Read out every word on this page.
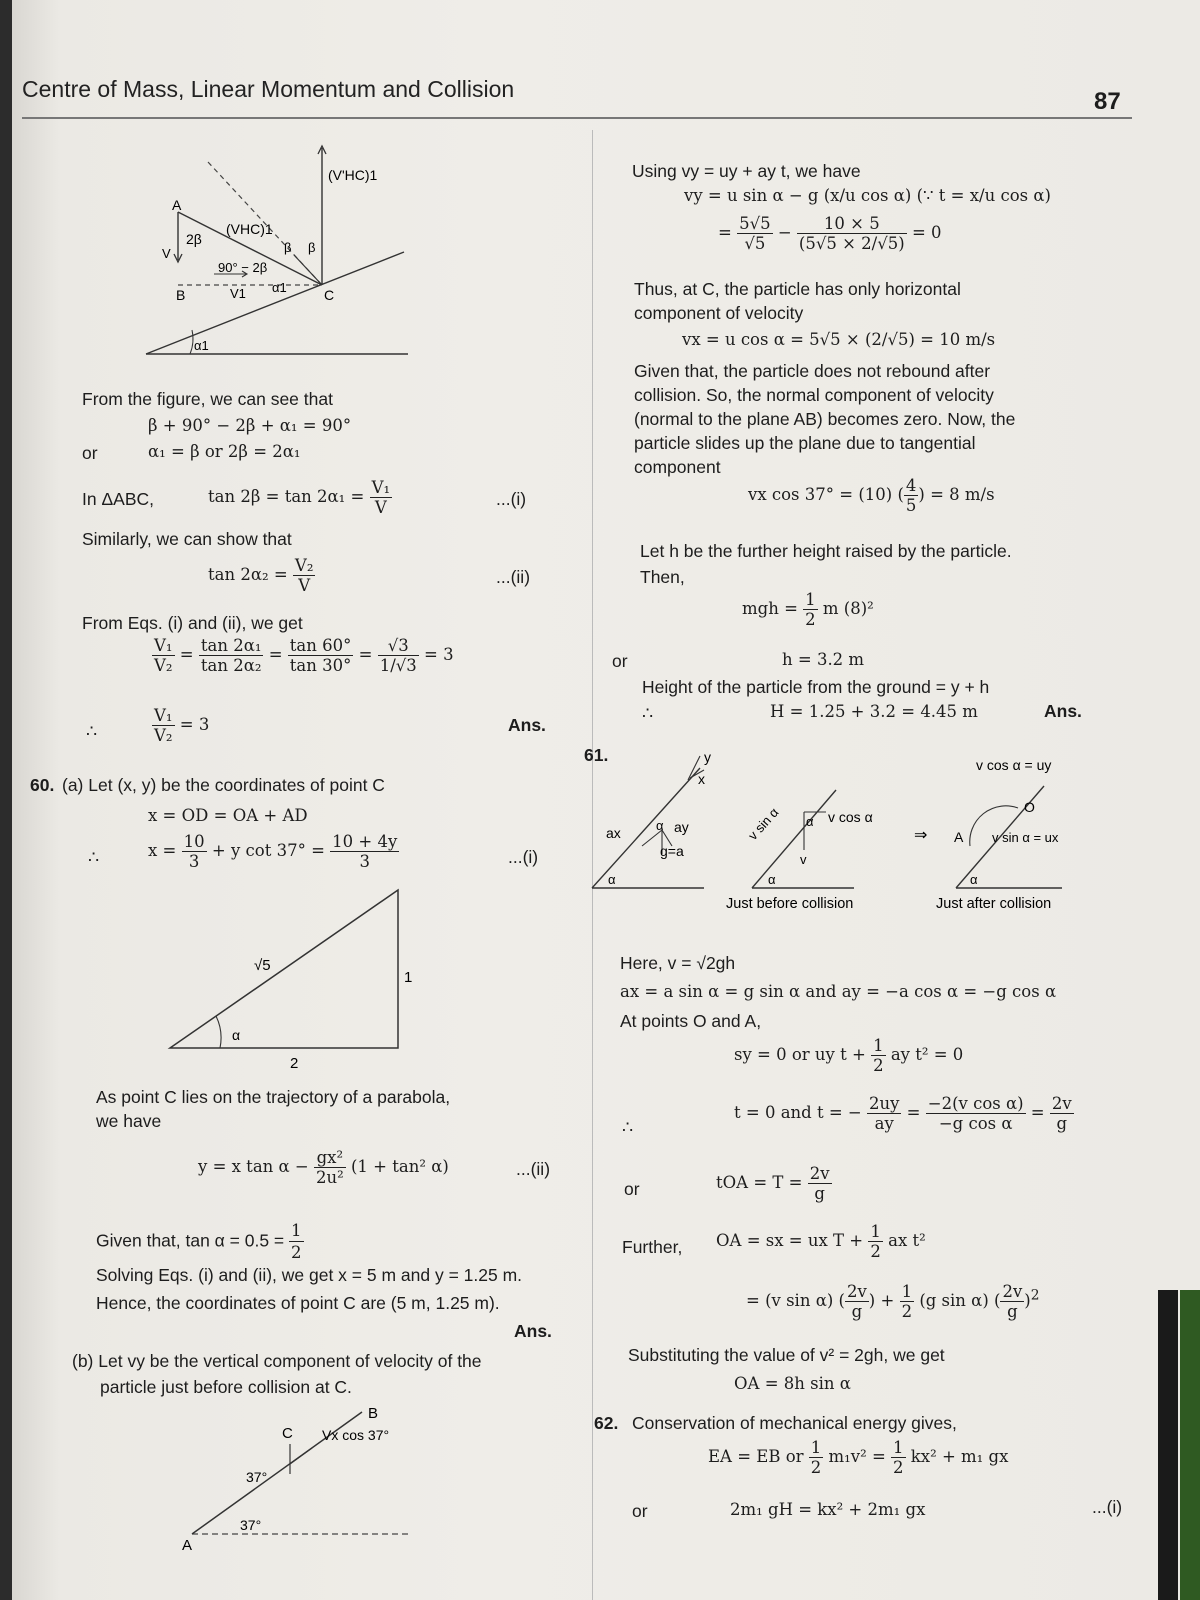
Centre of Mass, Linear Momentum and Collision	87
(V'HC)1
A
2β
V
(VHC)1
β β
90° − 2β
V1 α1
B	C
α1
From the figure, we can see that
β + 90° − 2β + α₁ = 90°
or	α₁ = β or 2β = 2α₁
In ΔABC,	$\tan 2\beta = \tan 2\alpha_1 = \frac{\text{V₁}}{V}$	...(i)
Similarly, we can show that
$\tan 2\alpha_2 = \frac{\text{V₂}}{V}$	...(ii)
From Eqs. (i) and (ii), we get
$\frac{\text{V₁}}{\text{V₂}} = \frac{\text{tan 2α₁}}{\text{tan 2α₂}} = \frac{\tan 60^\circ}{\tan 30^\circ} = \frac{√3}{1/√3} = 3$
∴	$\frac{\text{V₁}}{\text{V₂}} = 3$	Ans.
60. (a) Let (x, y) be the coordinates of point C
x = OD = OA + AD
∴	$x = \frac{10}{3} + y$ $\cot 37^\circ = \frac{10 + 4y}{3}$	...(i)
√5
1
2
α
As point C lies on the trajectory of a parabola,
we have
y = x $\tan \alpha - \frac{\text{gx²}}{\text{2u²}} (1 + \tan^2$ α)	...(ii)
Given that, $\tan \alpha = 0.5 = \frac{1}{2}$
Solving Eqs. (i) and (ii), we get x = 5 m and y = 1.25 m.
Hence, the coordinates of point C are (5 m, 1.25 m).
Ans.
(b) Let vy be the vertical component of velocity of the
particle just before collision at C.
B
C Vx cos 37°
37°
A
37°
Using vy = uy + ay t, we have
vy = u sin α − g (x/u cos α) (∵ t = x/u cos α)
= $\frac{5√5}{√5} - \frac{10 \times 5}{(5√5 \times 2/√5)} = 0$
Thus, at C, the particle has only horizontal
component of velocity
vx = u cos α = 5√5 × (2/√5) = 10 m/s
Given that, the particle does not rebound after
collision. So, the normal component of velocity
(normal to the plane AB) becomes zero. Now, the
particle slides up the plane due to tangential
component
vx cos 37° = (10) ( $\frac{4}{5}$ ) = 8 m/s
Let h be the further height raised by the particle.
Then,
mgh = $\frac{1}{2}$ m (8)²
or	h = 3.2 m
Height of the particle from the ground = y + h
∴	H = 1.25 + 3.2 = 4.45 m	Ans.
61.	y
x
ax	α ay
g=a
α
v sin α α v cos α
v
α
Just before collision
⇒
v cos α = uy
O
A v sin α = ux
α
Just after collision
Here, v = √2gh
ax = a sin α = g sin α and ay = −a cos α = −g cos α
At points O and A,
sy = 0 or uy $t + \frac{1}{2}$ ay t² = 0
∴
t = 0 and t = − $\frac{2uy}{ay} = \frac{\text{−2(v cos α)}}{\text{−g cos α}} = \frac{2v}{g}$
or	tOA = $T = \frac{2v}{g}$
Further, OA = sx = ux $T + \frac{1}{2}$ ax t²
= (v sin α) ( $\frac{2v}{g}$ ) + $\frac{1}{2} (g$ sin α) ( $\frac{2v}{g} )^2$
Substituting the value of v² = 2gh, we get
OA = 8h sin α
62. Conservation of mechanical energy gives,
EA = EB or $\frac{1}{2} m_1v^2 = \frac{1}{2} kx^2 + m_1$ gx
or	2m₁ gH = kx² + 2m₁ gx	...(i)
